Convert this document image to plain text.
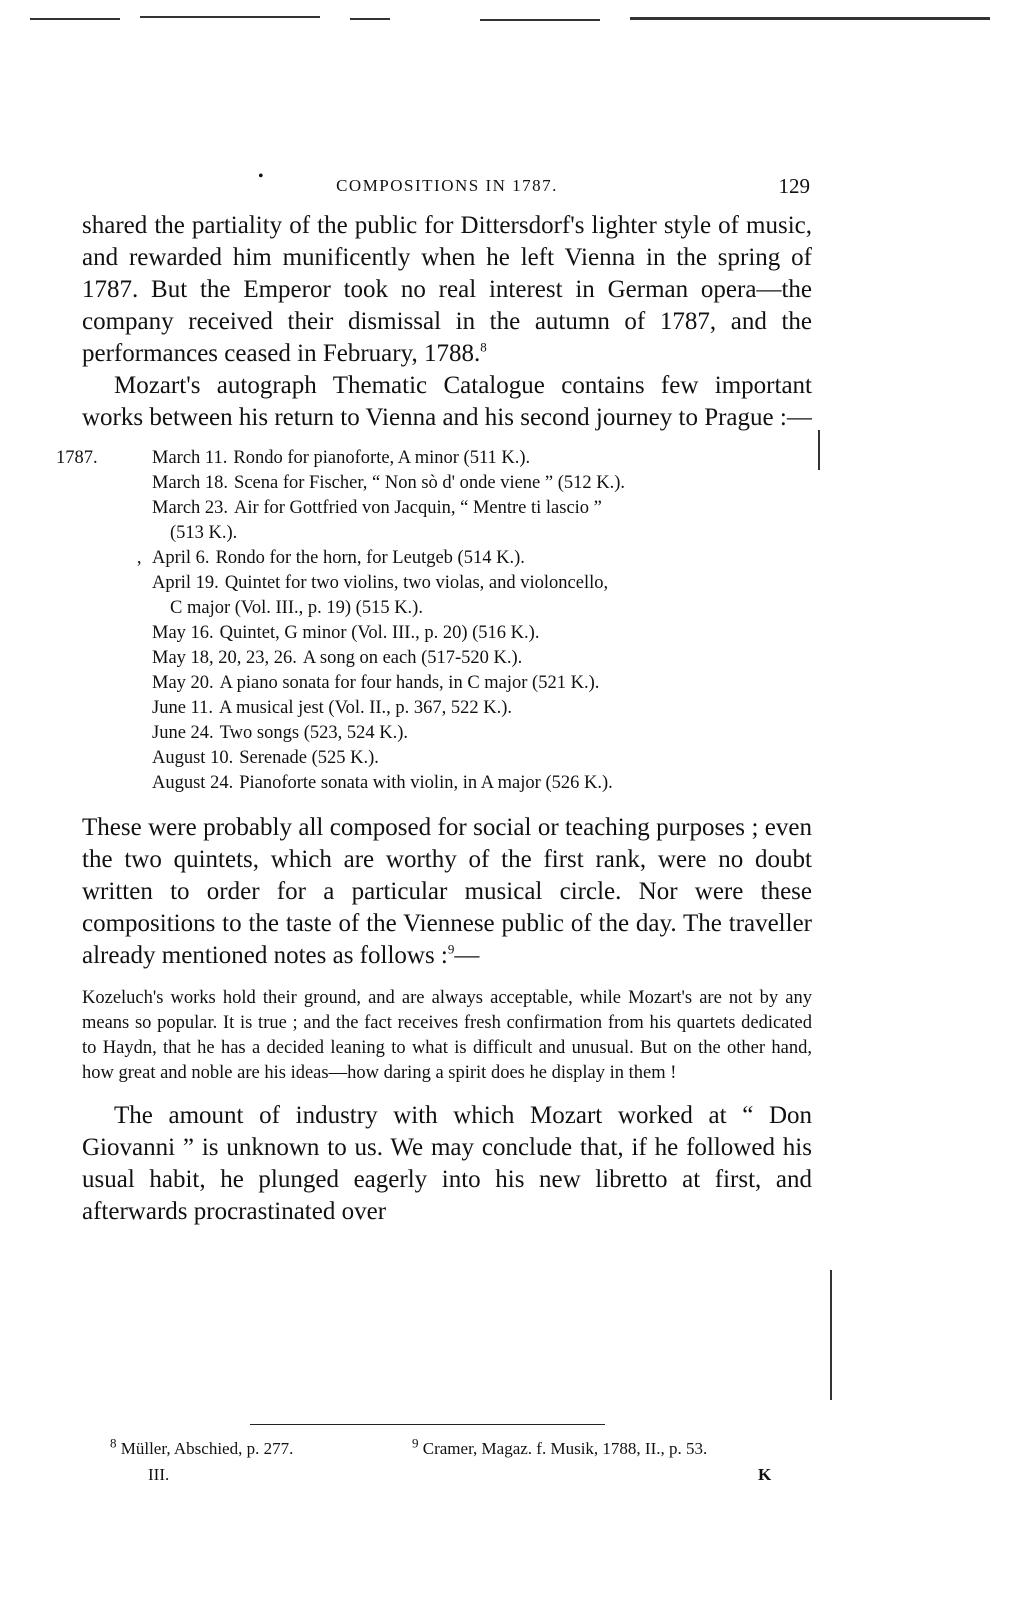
•	COMPOSITIONS IN 1787.	129

shared the partiality of the public for Dittersdorf's lighter style of music, and rewarded him munificently when he left Vienna in the spring of 1787. But the Emperor took no real interest in German opera—the company received their dismissal in the autumn of 1787, and the performances ceased in February, 1788.$^8$

Mozart's autograph Thematic Catalogue contains few important works between his return to Vienna and his second journey to Prague :—

1787.	March 11. Rondo for pianoforte, A minor (511 K.).
March 18. Scena for Fischer, “ Non sò d' onde viene ” (512 K.).
March 23. Air for Gottfried von Jacquin, “ Mentre ti lascio ”
(513 K.).
‚ April 6. Rondo for the horn, for Leutgeb (514 K.).
April 19. Quintet for two violins, two violas, and violoncello,
C major (Vol. III., p. 19) (515 K.).
May 16. Quintet, G minor (Vol. III., p. 20) (516 K.).
May 18, 20, 23, 26. A song on each (517-520 K.).
May 20. A piano sonata for four hands, in C major (521 K.).
June 11. A musical jest (Vol. II., p. 367, 522 K.).
June 24. Two songs (523, 524 K.).
August 10. Serenade (525 K.).
August 24. Pianoforte sonata with violin, in A major (526 K.).

These were probably all composed for social or teaching purposes ; even the two quintets, which are worthy of the first rank, were no doubt written to order for a particular musical circle. Nor were these compositions to the taste of the Viennese public of the day. The traveller already mentioned notes as follows :$^9$—

Kozeluch's works hold their ground, and are always acceptable, while Mozart's are not by any means so popular. It is true ; and the fact receives fresh confirmation from his quartets dedicated to Haydn, that he has a decided leaning to what is difficult and unusual. But on the other hand, how great and noble are his ideas—how daring a spirit does he display in them !

The amount of industry with which Mozart worked at “ Don Giovanni ” is unknown to us. We may conclude that, if he followed his usual habit, he plunged eagerly into his new libretto at first, and afterwards procrastinated over

$^8$ Müller, Abschied, p. 277.	$^9$ Cramer, Magaz. f. Musik, 1788, II., p. 53.
III.	K
